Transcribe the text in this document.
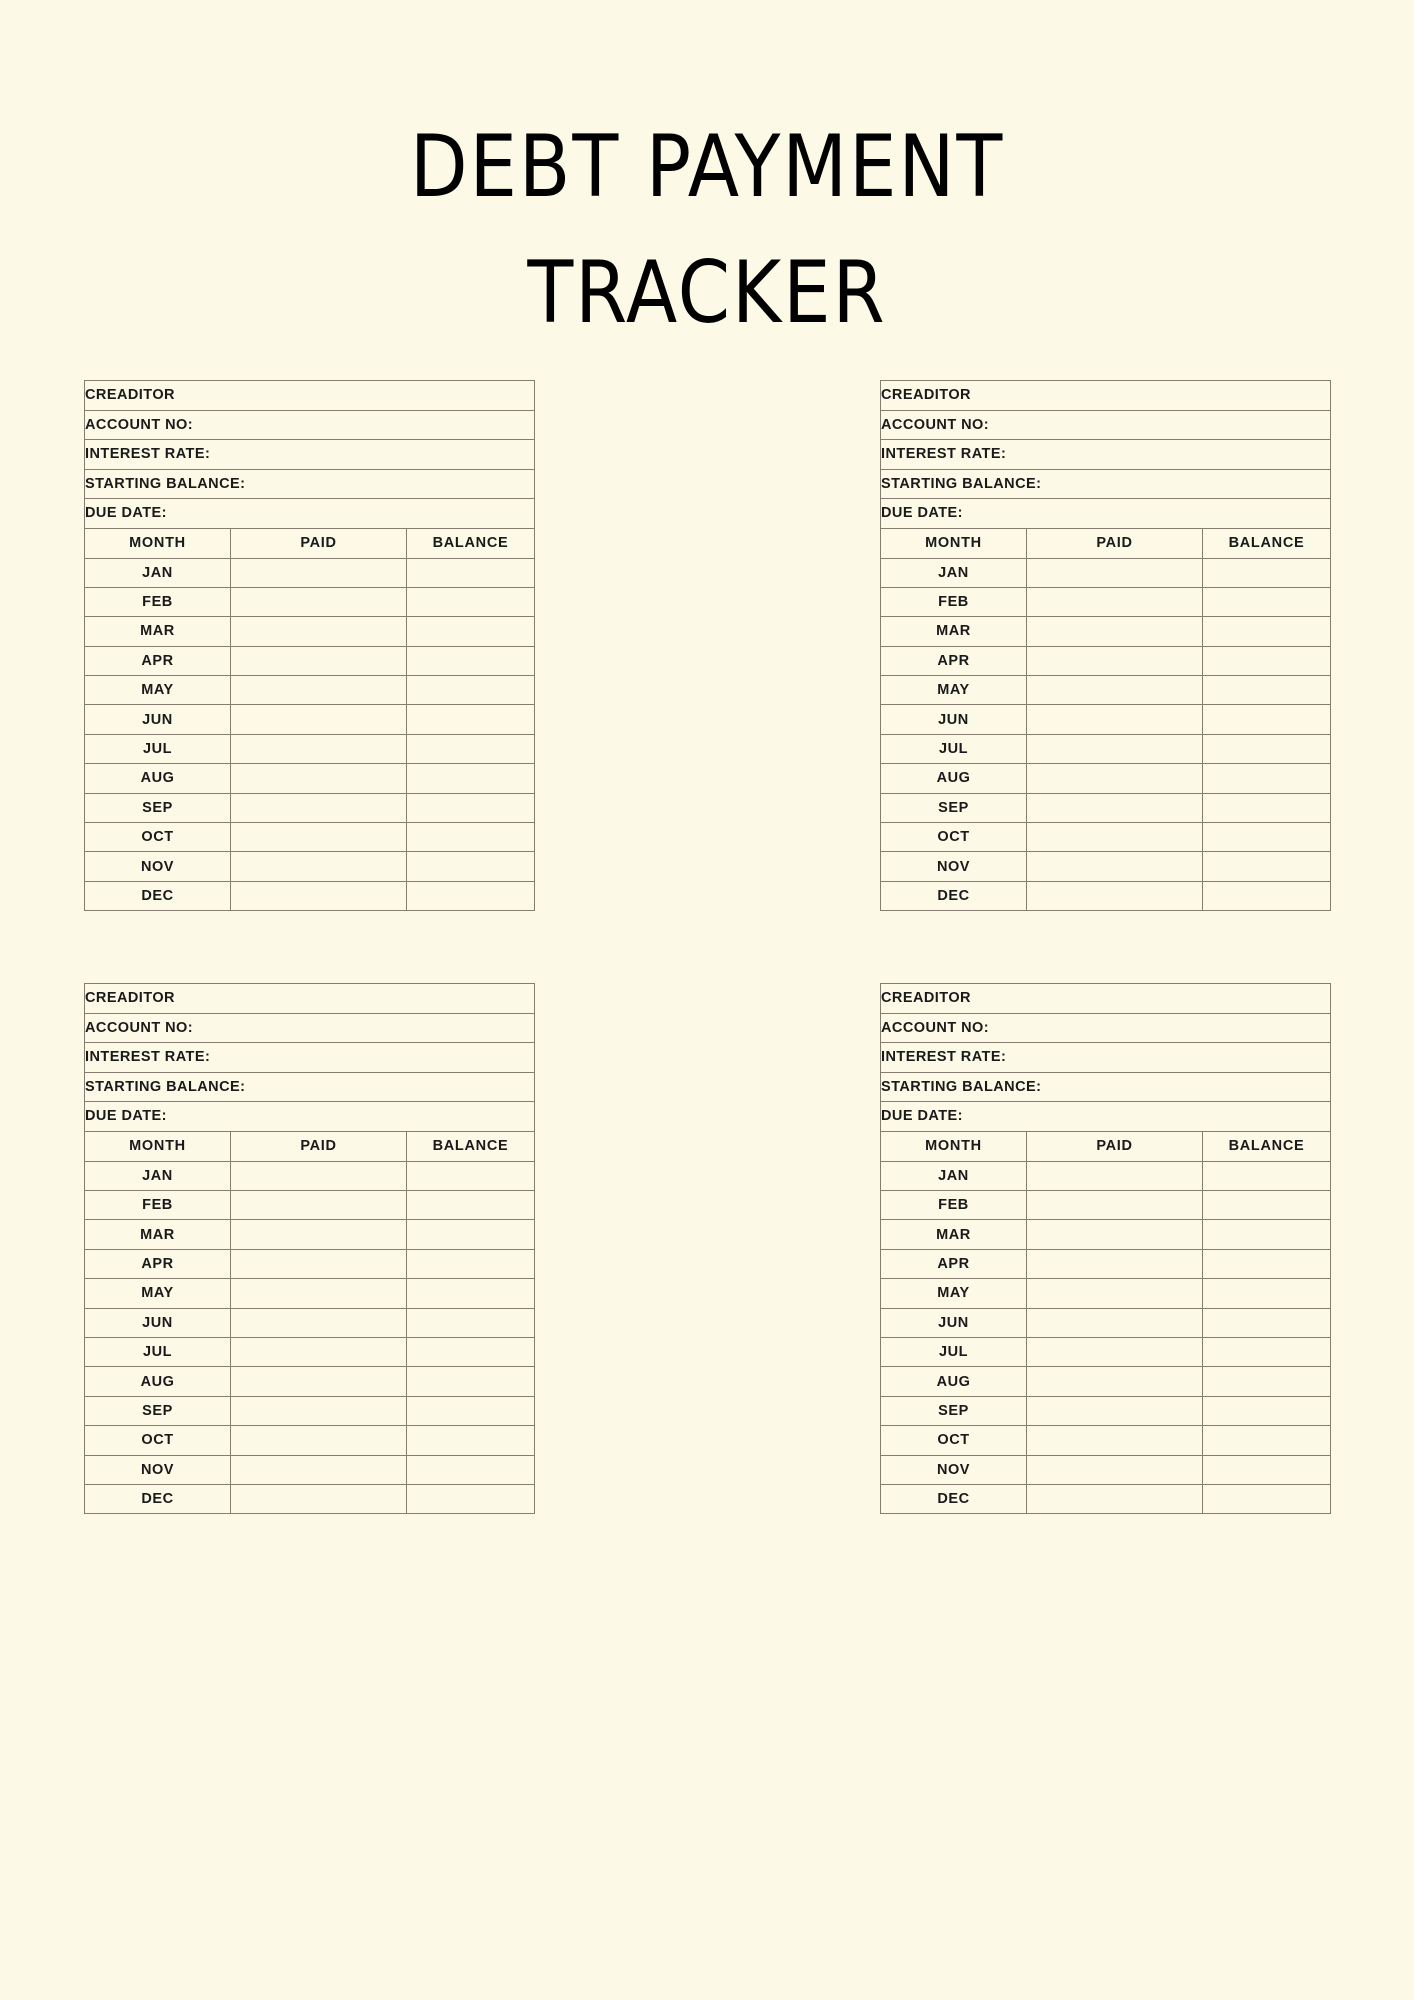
DEBT PAYMENT
TRACKER
CREADITOR		
ACCOUNT NO:		
INTEREST RATE:		
STARTING BALANCE:		
DUE DATE:		
MONTH	PAID	BALANCE
JAN		
FEB		
MAR		
APR		
MAY		
JUN		
JUL		
AUG		
SEP		
OCT		
NOV		
DEC		
CREADITOR		
ACCOUNT NO:		
INTEREST RATE:		
STARTING BALANCE:		
DUE DATE:		
MONTH	PAID	BALANCE
JAN		
FEB		
MAR		
APR		
MAY		
JUN		
JUL		
AUG		
SEP		
OCT		
NOV		
DEC		
CREADITOR		
ACCOUNT NO:		
INTEREST RATE:		
STARTING BALANCE:		
DUE DATE:		
MONTH	PAID	BALANCE
JAN		
FEB		
MAR		
APR		
MAY		
JUN		
JUL		
AUG		
SEP		
OCT		
NOV		
DEC		
CREADITOR		
ACCOUNT NO:		
INTEREST RATE:		
STARTING BALANCE:		
DUE DATE:		
MONTH	PAID	BALANCE
JAN		
FEB		
MAR		
APR		
MAY		
JUN		
JUL		
AUG		
SEP		
OCT		
NOV		
DEC		
